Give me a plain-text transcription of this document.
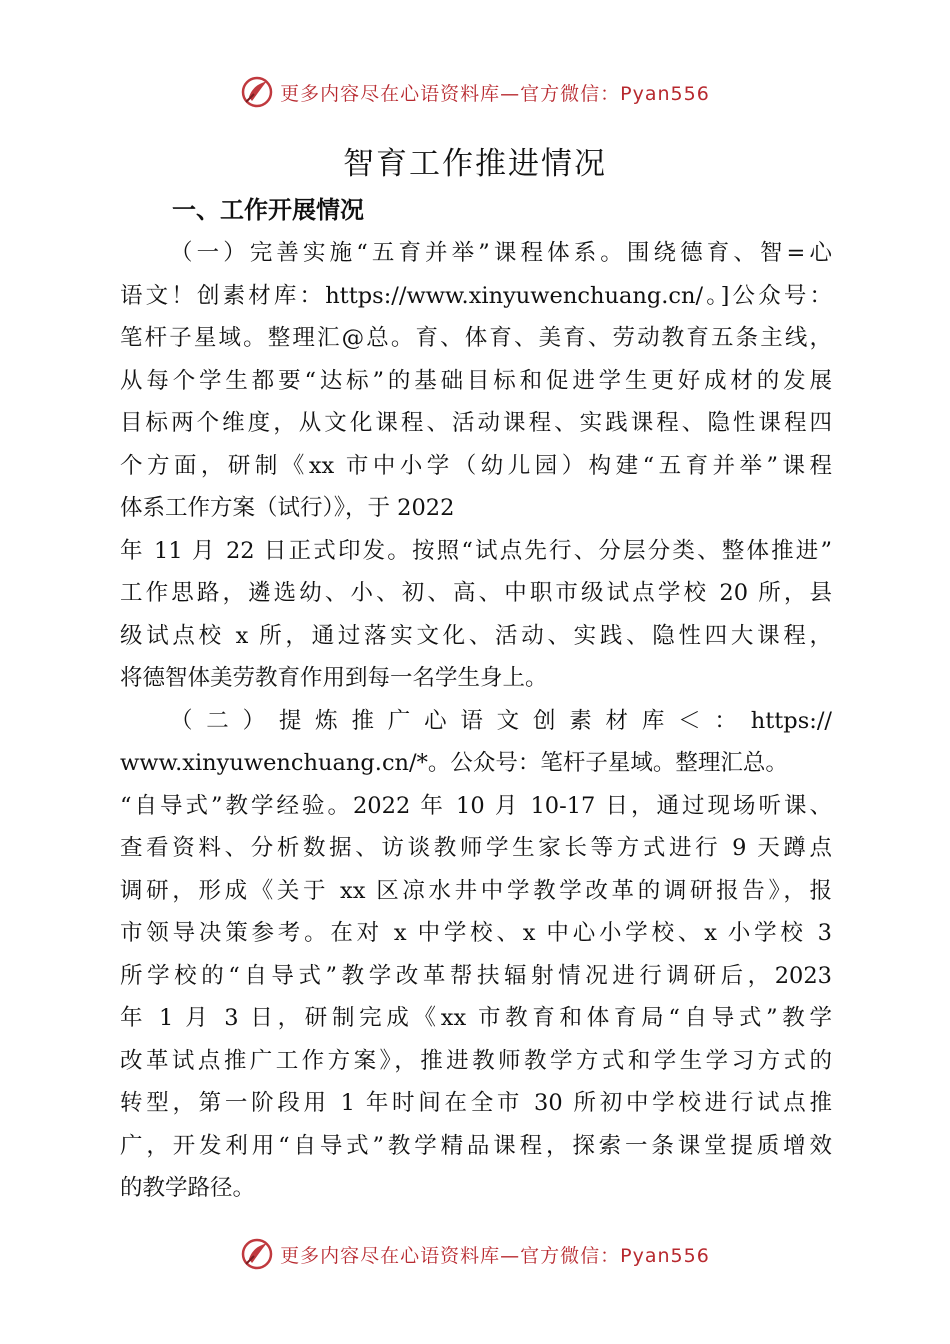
更多内容尽在心语资料库—官方微信：Pyan556
智育工作推进情况
一、工作开展情况
（一）完善实施“五育并举”课程体系。围绕德育、智=心
语文！创素材库：https://www.xinyuwenchuang.cn/。]公众号：
笔杆子星域。整理汇@总。育、体育、美育、劳动教育五条主线，
从每个学生都要“达标”的基础目标和促进学生更好成材的发展
目标两个维度，从文化课程、活动课程、实践课程、隐性课程四
个方面，研制《xx 市中小学（幼儿园）构建“五育并举”课程
体系工作方案（试行）》，于 2022
年 11 月 22 日正式印发。按照“试点先行、分层分类、整体推进”
工作思路，遴选幼、小、初、高、中职市级试点学校 20 所，县
级试点校 x 所，通过落实文化、活动、实践、隐性四大课程，
将德智体美劳教育作用到每一名学生身上。
（二）提炼推广心语文创素材库＜：https://
www.xinyuwenchuang.cn/*。公众号：笔杆子星域。整理汇总。
“自导式”教学经验。2022 年 10 月 10-17 日，通过现场听课、
查看资料、分析数据、访谈教师学生家长等方式进行 9 天蹲点
调研，形成《关于 xx 区凉水井中学教学改革的调研报告》，报
市领导决策参考。在对 x 中学校、x 中心小学校、x 小学校 3
所学校的“自导式”教学改革帮扶辐射情况进行调研后，2023
年 1 月 3 日，研制完成《xx 市教育和体育局“自导式”教学
改革试点推广工作方案》，推进教师教学方式和学生学习方式的
转型，第一阶段用 1 年时间在全市 30 所初中学校进行试点推
广，开发利用“自导式”教学精品课程，探索一条课堂提质增效
的教学路径。
更多内容尽在心语资料库—官方微信：Pyan556
